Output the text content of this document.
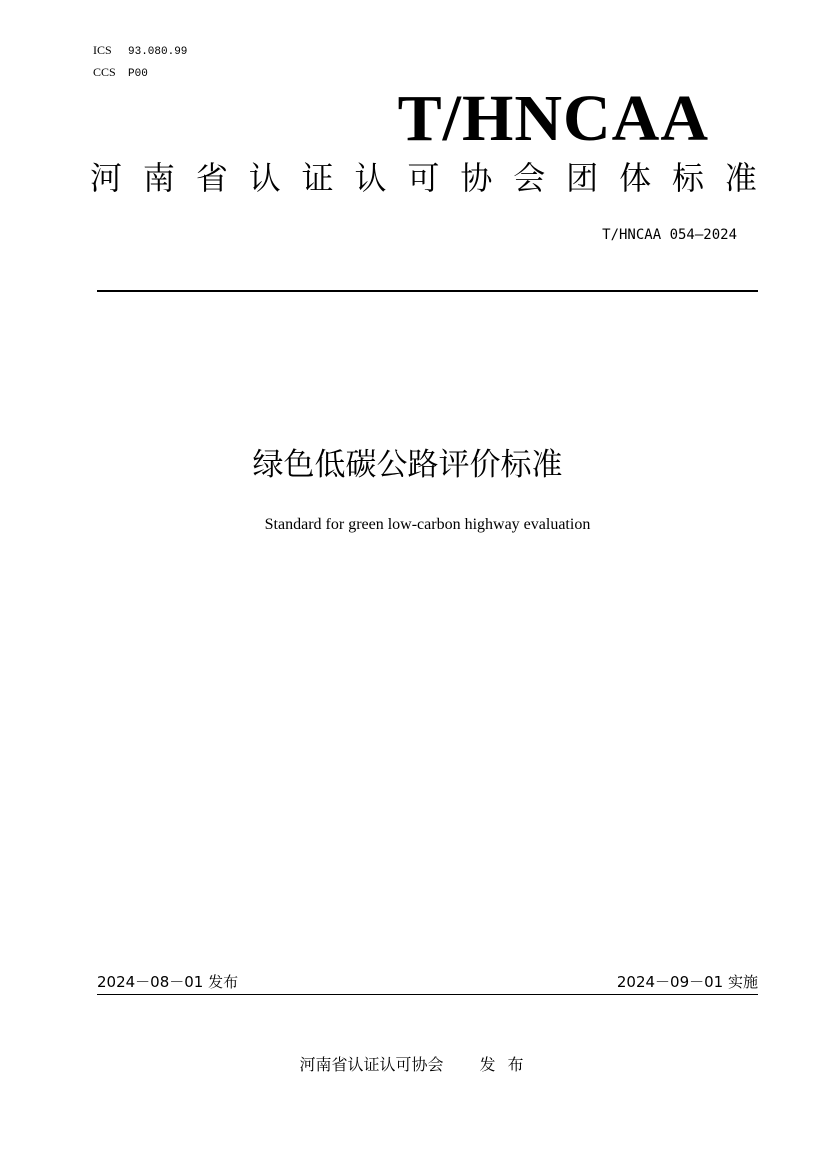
ICS 93.080.99
CCS P00
T/HNCAA
河 南 省 认 证 认 可 协 会 团 体 标 准
T/HNCAA 054—2024
绿色低碳公路评价标准
Standard for green low-carbon highway evaluation
2024－08－01 发布	2024－09－01 实施
河南省认证认可协会 发布
